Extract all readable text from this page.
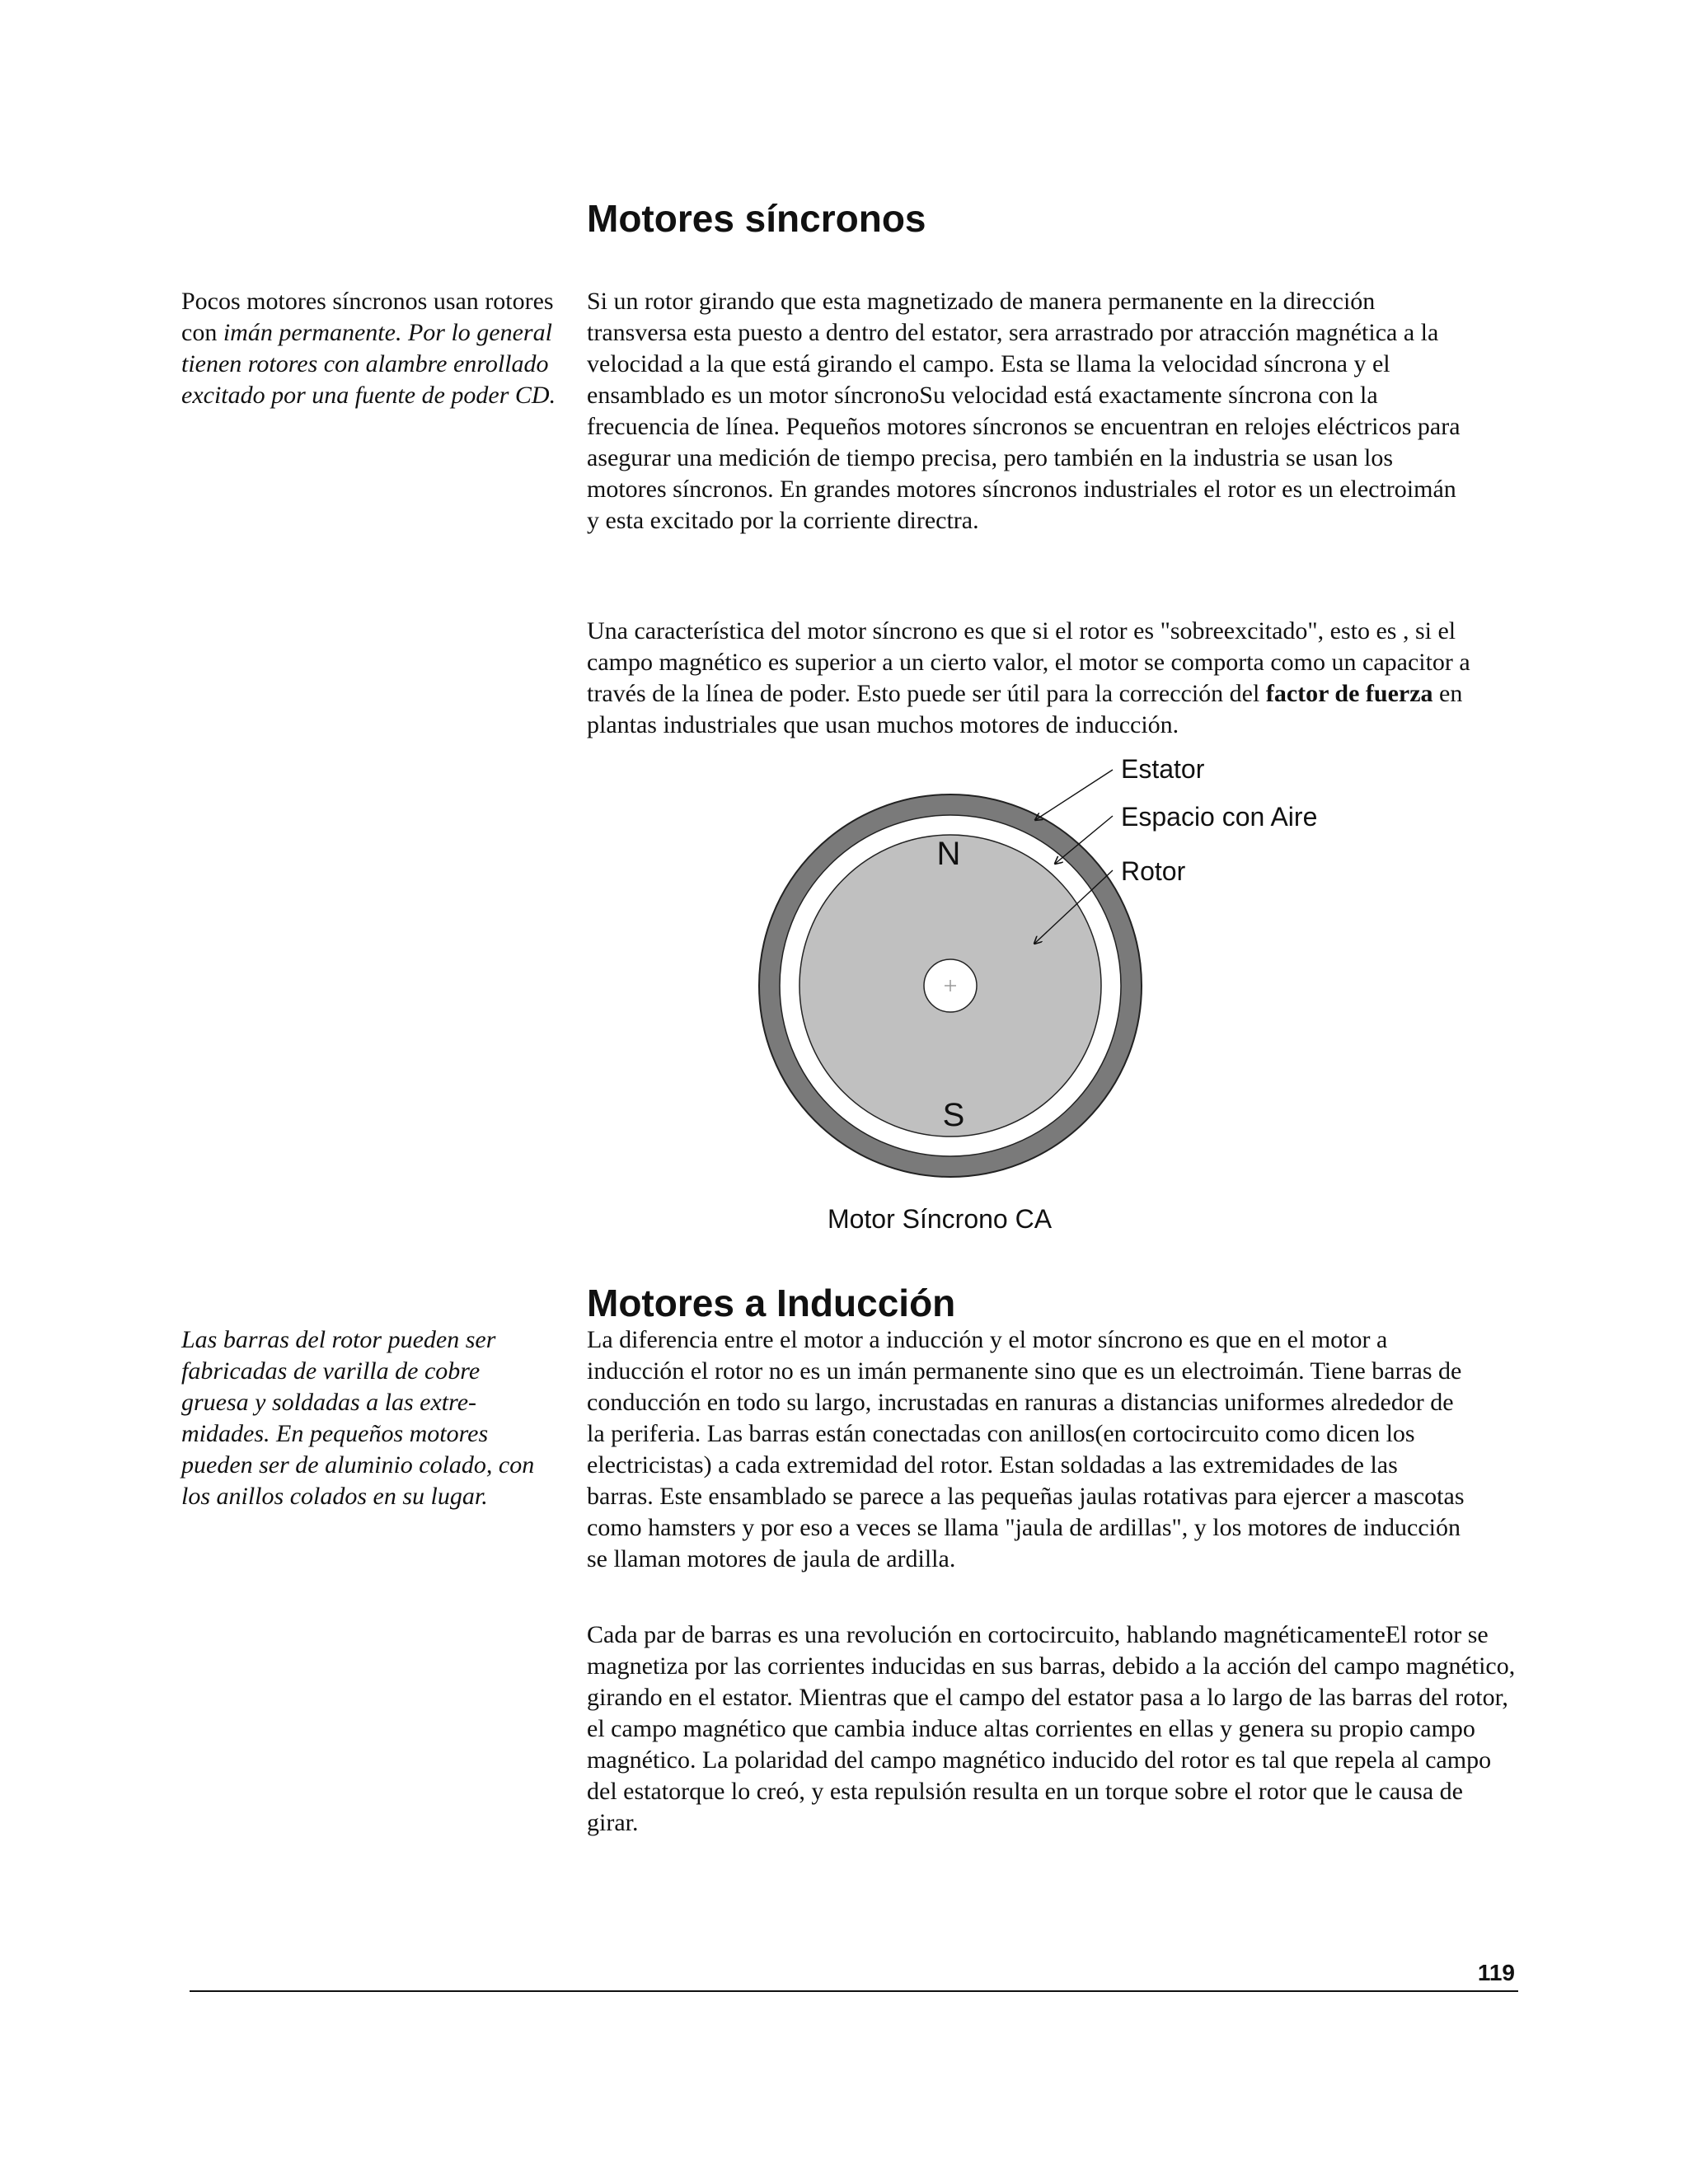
Motores síncronos

Pocos motores síncronos usan rotores con imán permanente. Por lo general tienen rotores con alambre enrollado excitado por una fuente de poder CD.

Si un rotor girando que esta magnetizado de manera permanente en la dirección transversa esta puesto a dentro del estator, sera arrastrado por atracción magnética a la velocidad a la que está girando el campo. Esta se llama la velocidad síncrona y el ensamblado es un motor síncronoSu velocidad está exactamente síncrona con la frecuencia de línea. Pequeños motores síncronos se encuentran en relojes eléctricos para asegurar una medición de tiempo precisa, pero también en la industria se usan los motores síncronos. En grandes motores síncronos industriales el rotor es un electroimán y esta excitado por la corriente directra.

Una característica del motor síncrono es que si el rotor es "sobreexcitado", esto es , si el campo magnético es superior a un cierto valor, el motor se comporta como un capacitor a través de la línea de poder. Esto puede ser útil para la corrección del factor de fuerza en plantas industriales que usan muchos motores de inducción.

N
S
Estator
Espacio con Aire
Rotor
Motor Síncrono CA
Motores a Inducción

Las barras del rotor pueden ser fabricadas de varilla de cobre gruesa y soldadas a las extre-midades. En pequeños motores pueden ser de aluminio colado, con los anillos colados en su lugar.

La diferencia entre el motor a inducción y el motor síncrono es que en el motor a inducción el rotor no es un imán permanente sino que es un electroimán. Tiene barras de conducción en todo su largo, incrustadas en ranuras a distancias uniformes alrededor de la periferia. Las barras están conectadas con anillos(en cortocircuito como dicen los electricistas) a cada extremidad del rotor. Estan soldadas a las extremidades de las barras. Este ensamblado se parece a las pequeñas jaulas rotativas para ejercer a mascotas como hamsters y por eso a veces se llama "jaula de ardillas", y los motores de inducción se llaman motores de jaula de ardilla.

Cada par de barras es una revolución en cortocircuito, hablando magnéticamenteEl rotor se magnetiza por las corrientes inducidas en sus barras, debido a la acción del campo magnético, girando en el estator. Mientras que el campo del estator pasa a lo largo de las barras del rotor, el campo magnético que cambia induce altas corrientes en ellas y genera su propio campo magnético. La polaridad del campo magnético inducido del rotor es tal que repela al campo del estatorque lo creó, y esta repulsión resulta en un torque sobre el rotor que le causa de girar.

119
